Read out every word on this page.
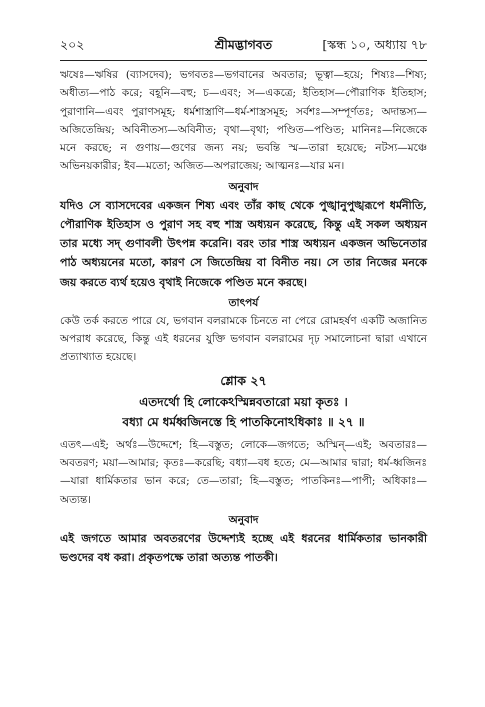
২০২	শ্রীমদ্ভাগবত	[স্কন্ধ ১০, অধ্যায় ৭৮

ঋষেঃ—ঋষির (ব্যাসদেব); ভগবতঃ—ভগবানের অবতার; ভূত্বা—হয়ে; শিষ্যঃ—শিষ্য; অধীত্য—পাঠ করে; বহূনি—বহু; চ—এবং; স—একত্রে; ইতিহাস—পৌরাণিক ইতিহাস; পুরাণানি—এবং পুরাণসমূহ; ধর্মশাস্ত্রাণি—ধর্ম-শাস্ত্রসমূহ; সর্বশঃ—সম্পূর্ণতঃ; অদান্তস্য—অজিতেন্দ্রিয়; অবিনীতস্য—অবিনীত; বৃথা—বৃথা; পণ্ডিত—পণ্ডিত; মানিনঃ—নিজেকে মনে করছে; ন গুণায়—গুণের জন্য নয়; ভবন্তি স্ম—তারা হয়েছে; নটস্য—মঞ্চে অভিনয়কারীর; ইব—মতো; অজিত—অপরাজেয়; আত্মনঃ—যার মন।

অনুবাদ

যদিও সে ব্যাসদেবের একজন শিষ্য এবং তাঁর কাছ থেকে পুঙ্খানুপুঙ্খরূপে ধর্মনীতি, পৌরাণিক ইতিহাস ও পুরাণ সহ বহু শাস্ত্র অধ্যয়ন করেছে, কিন্তু এই সকল অধ্যয়ন তার মধ্যে সদ্ গুণাবলী উৎপন্ন করেনি। বরং তার শাস্ত্র অধ্যয়ন একজন অভিনেতার পাঠ অধ্যয়নের মতো, কারণ সে জিতেন্দ্রিয় বা বিনীত নয়। সে তার নিজের মনকে জয় করতে ব্যর্থ হয়েও বৃথাই নিজেকে পণ্ডিত মনে করছে।

তাৎপর্য

কেউ তর্ক করতে পারে যে, ভগবান বলরামকে চিনতে না পেরে রোমহর্ষণ একটি অজানিত অপরাধ করেছে, কিন্তু এই ধরনের যুক্তি ভগবান বলরামের দৃঢ় সমালোচনা দ্বারা এখানে প্রত্যাখ্যাত হয়েছে।

শ্লোক ২৭
এতদর্থো হি লোকেঽস্মিন্নবতারো ময়া কৃতঃ ।
বধ্যা মে ধর্মধ্বজিনস্তে হি পাতকিনোঽধিকাঃ ॥ ২৭ ॥

এতৎ—এই; অর্থঃ—উদ্দেশে; হি—বস্তুত; লোকে—জগতে; অস্মিন্—এই; অবতারঃ—অবতরণ; ময়া—আমার; কৃতঃ—করেছি; বধ্যা—বধ হতে; মে—আমার দ্বারা; ধর্ম-ধ্বজিনঃ—যারা ধার্মিকতার ভান করে; তে—তারা; হি—বস্তুত; পাতকিনঃ—পাপী; অধিকাঃ—অত্যন্ত।

অনুবাদ

এই জগতে আমার অবতরণের উদ্দেশ্যই হচ্ছে এই ধরনের ধার্মিকতার ভানকারী ভণ্ডদের বধ করা। প্রকৃতপক্ষে তারা অত্যন্ত পাতকী।
